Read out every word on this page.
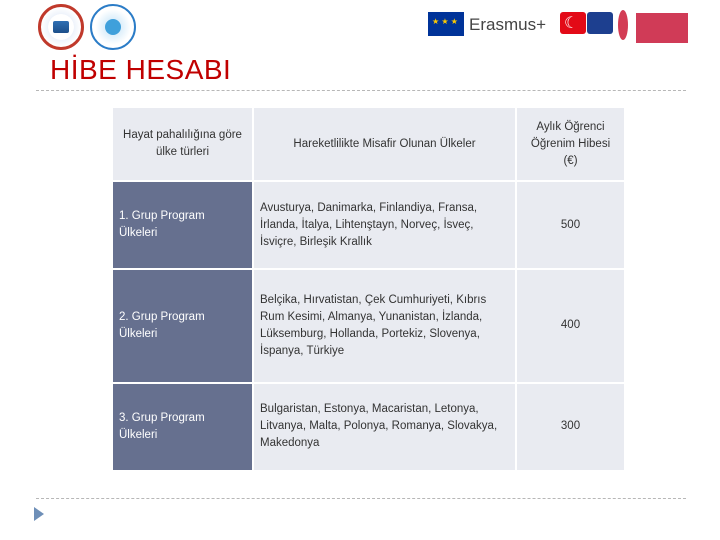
★ ★ ★
Erasmus+
☾
HİBE HESABI
Hayat pahalılığına göre ülke türleri	Hareketlilikte Misafir Olunan Ülkeler	Aylık Öğrenci Öğrenim Hibesi (€)
1. Grup Program Ülkeleri	Avusturya, Danimarka, Finlandiya, Fransa, İrlanda, İtalya, Lihtenştayn, Norveç, İsveç, İsviçre, Birleşik Krallık	500
2. Grup Program Ülkeleri	Belçika, Hırvatistan, Çek Cumhuriyeti, Kıbrıs Rum Kesimi, Almanya, Yunanistan, İzlanda, Lüksemburg, Hollanda, Portekiz, Slovenya, İspanya, Türkiye	400
3. Grup Program Ülkeleri	Bulgaristan, Estonya, Macaristan, Letonya, Litvanya, Malta, Polonya, Romanya, Slovakya, Makedonya	300
